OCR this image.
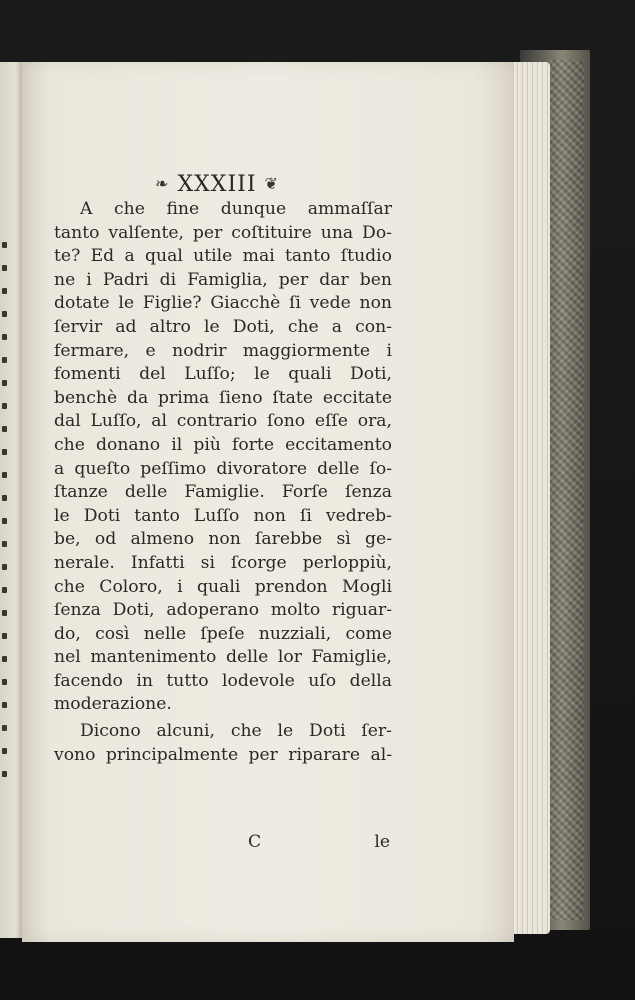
❧ XXXIII ❦
A che fine dunque ammaſſar
tanto valſente, per coſtituire una Do-
te? Ed a qual utile mai tanto ſtudio
ne i Padri di Famiglia, per dar ben
dotate le Figlie? Giacchè ſi vede non
ſervir ad altro le Doti, che a con-
fermare, e nodrir maggiormente i
fomenti del Luſſo; le quali Doti,
benchè da prima ſieno ſtate eccitate
dal Luſſo, al contrario ſono eſſe ora,
che donano il più forte eccitamento
a queſto peſſimo divoratore delle ſo-
ſtanze delle Famiglie. Forſe ſenza
le Doti tanto Luſſo non ſi vedreb-
be, od almeno non ſarebbe sì ge-
nerale. Infatti si ſcorge perloppiù,
che Coloro, i quali prendon Mogli
ſenza Doti, adoperano molto riguar-
do, così nelle ſpeſe nuzziali, come
nel mantenimento delle lor Famiglie,
facendo in tutto lodevole uſo della
moderazione.
Dicono alcuni, che le Doti ſer-
vono principalmente per riparare al-
C	le
